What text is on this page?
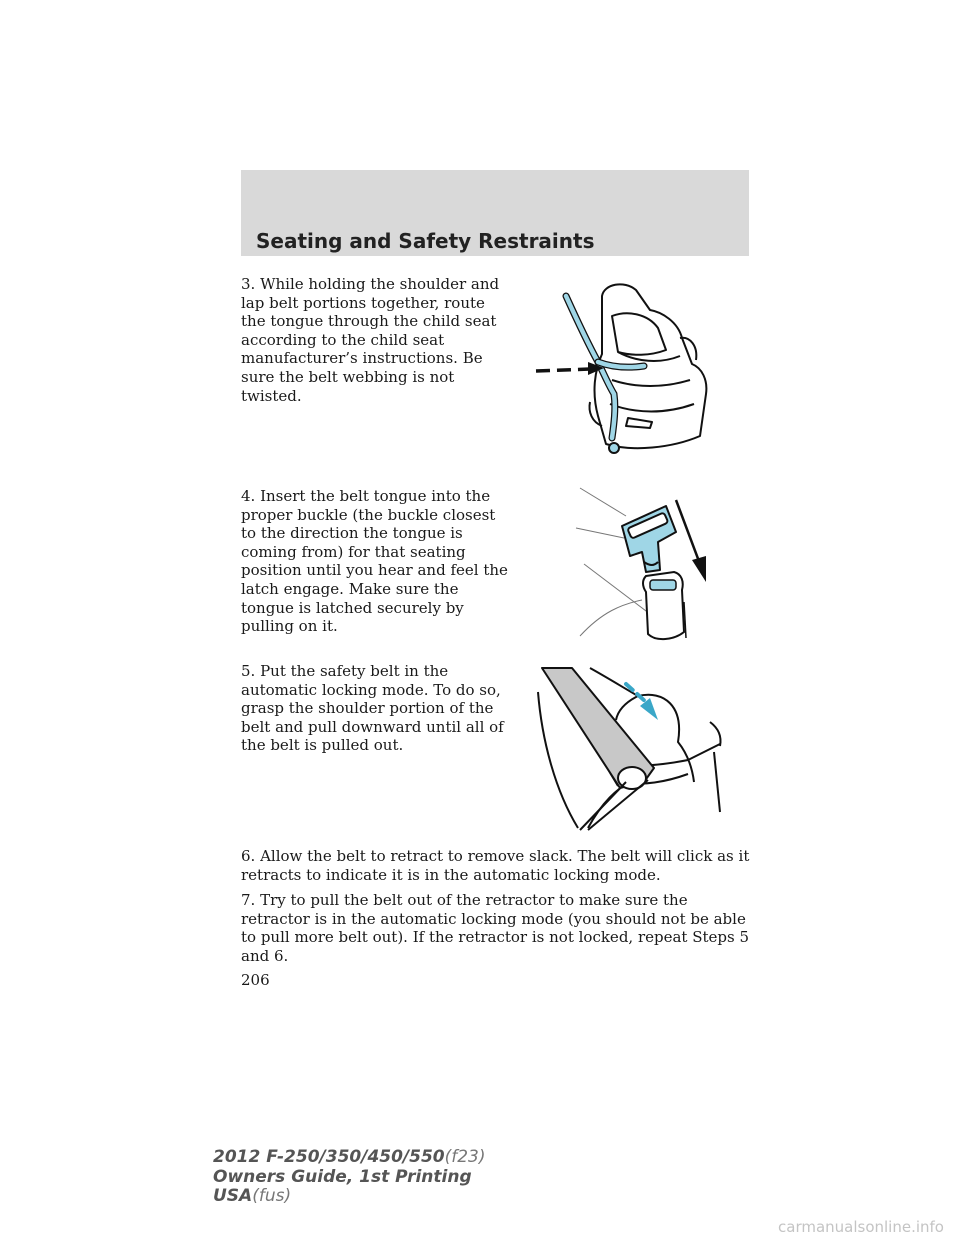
Seating and Safety Restraints
3. While holding the shoulder and lap belt portions together, route the tongue through the child seat according to the child seat manufacturer’s instructions. Be sure the belt webbing is not twisted.
4. Insert the belt tongue into the proper buckle (the buckle closest to the direction the tongue is coming from) for that seating position until you hear and feel the latch engage. Make sure the tongue is latched securely by pulling on it.
5. Put the safety belt in the automatic locking mode. To do so, grasp the shoulder portion of the belt and pull downward until all of the belt is pulled out.
6. Allow the belt to retract to remove slack. The belt will click as it retracts to indicate it is in the automatic locking mode.
7. Try to pull the belt out of the retractor to make sure the retractor is in the automatic locking mode (you should not be able to pull more belt out). If the retractor is not locked, repeat Steps 5 and 6.
206
2012 F-250/350/450/550(f23)
Owners Guide, 1st Printing
USA(fus)
carmanualsonline.info
